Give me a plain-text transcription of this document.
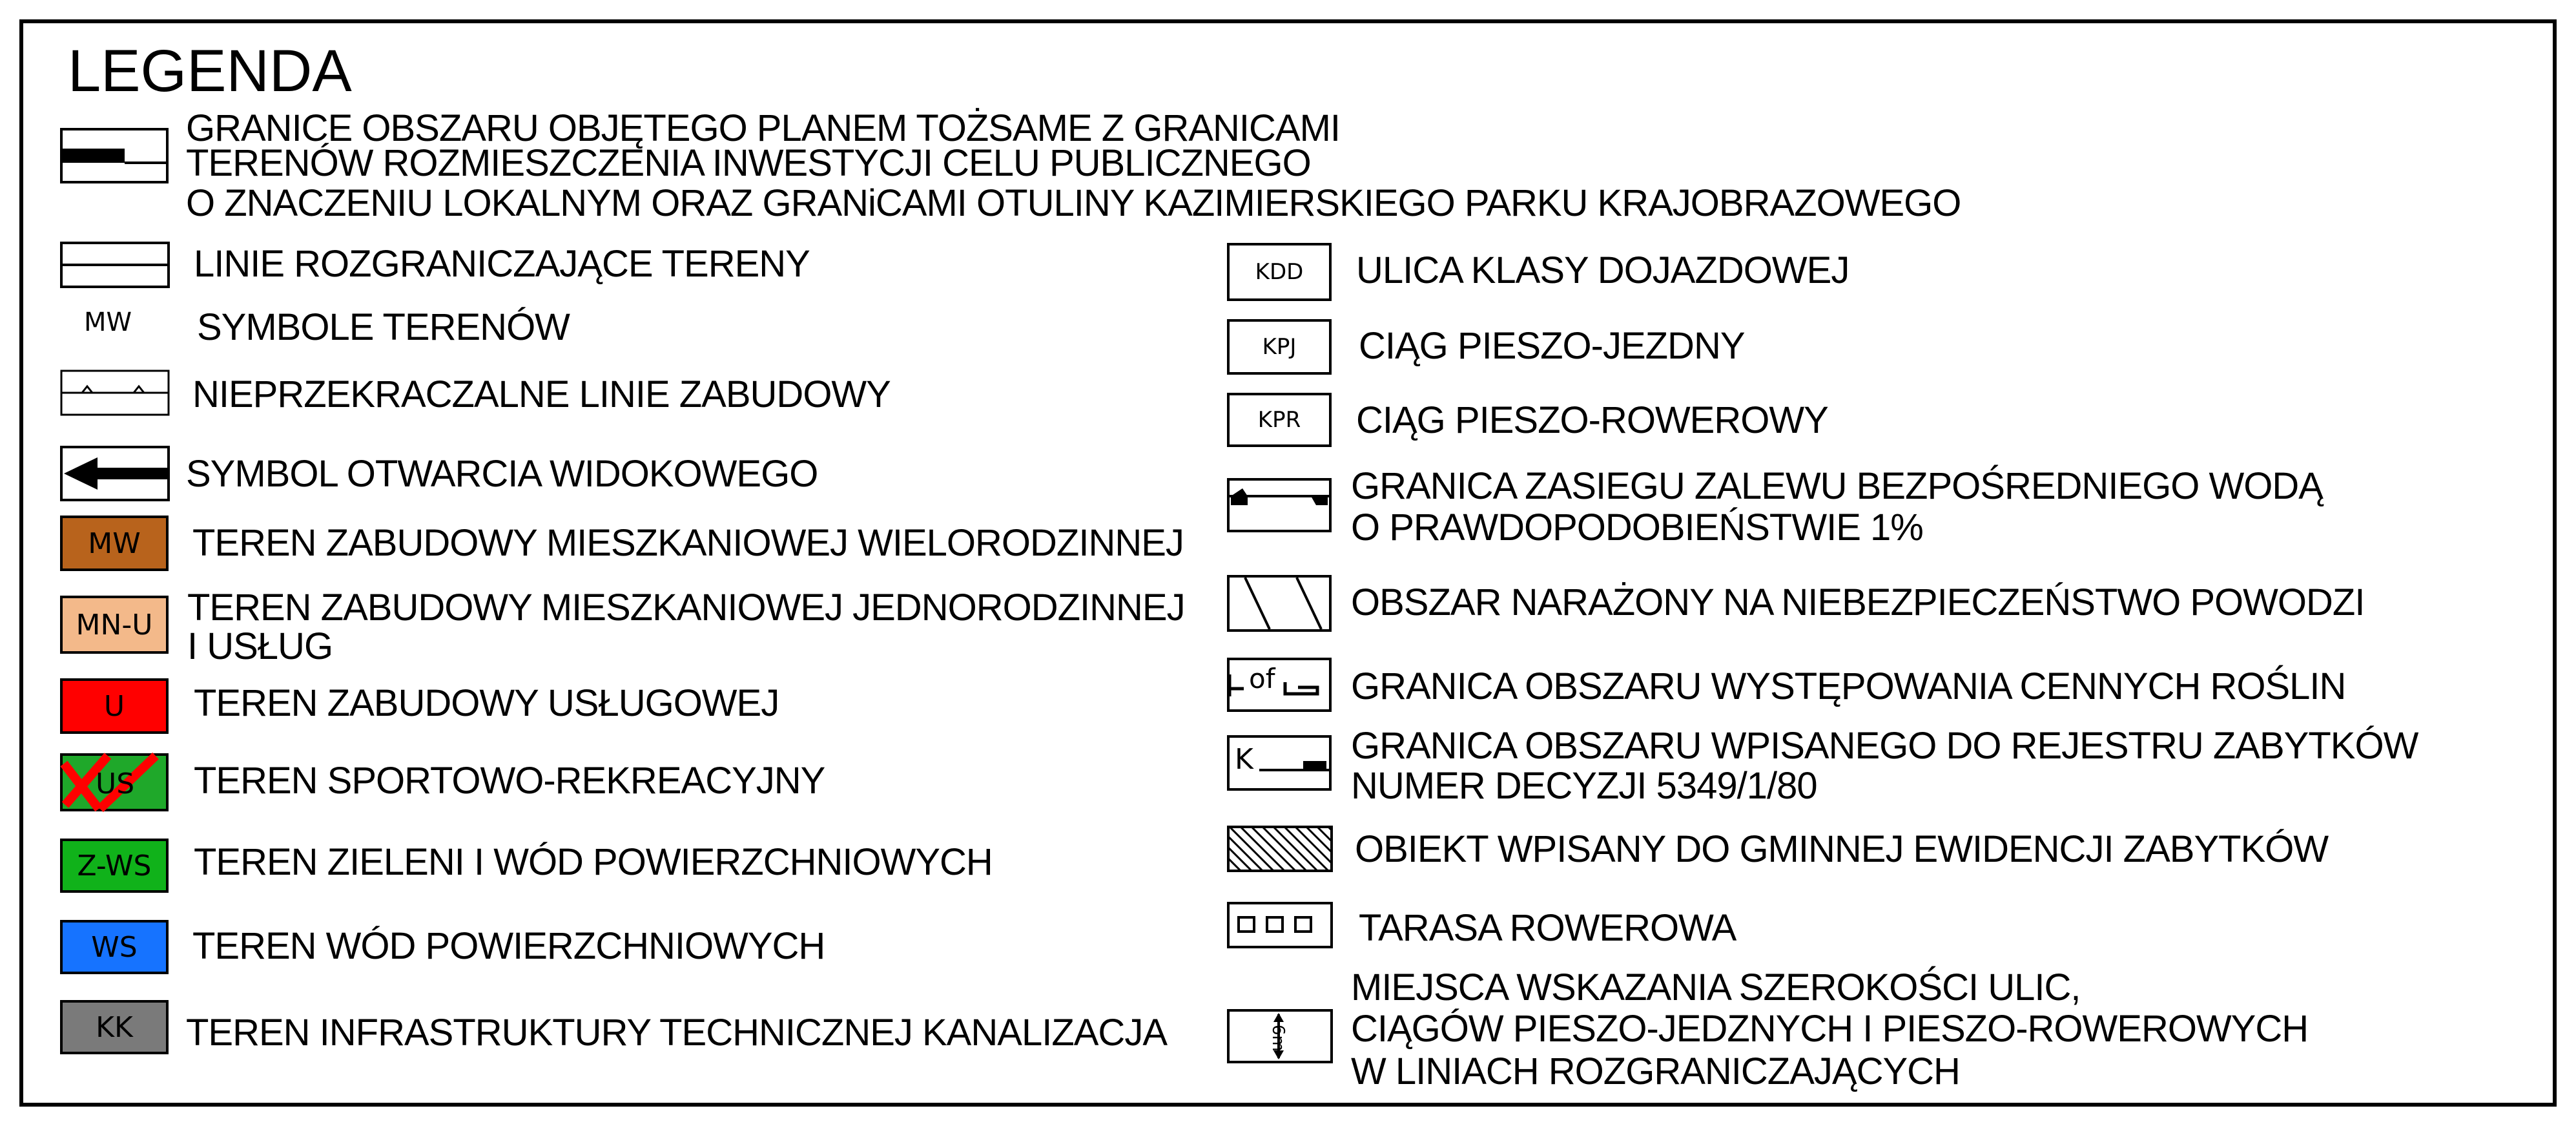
LEGENDA
GRANICE OBSZARU OBJĘTEGO PLANEM TOŻSAME Z GRANICAMI
TERENÓW ROZMIESZCZENIA INWESTYCJI CELU PUBLICZNEGO
O ZNACZENIU LOKALNYM ORAZ GRANiCAMI OTULINY KAZIMIERSKIEGO PARKU KRAJOBRAZOWEGO
LINIE ROZGRANICZAJĄCE TERENY
MW SYMBOLE TERENÓW
NIEPRZEKRACZALNE LINIE ZABUDOWY
SYMBOL OTWARCIA WIDOKOWEGO
MW	TEREN ZABUDOWY MIESZKANIOWEJ WIELORODZINNEJ
MN-U TEREN ZABUDOWY MIESZKANIOWEJ JEDNORODZINNEJ
I USŁUG
U	TEREN ZABUDOWY USŁUGOWEJ
US TEREN SPORTOWO-REKREACYJNY
Z-WS	TEREN ZIELENI I WÓD POWIERZCHNIOWYCH
WS	TEREN WÓD POWIERZCHNIOWYCH
KK	TEREN INFRASTRUKTURY TECHNICZNEJ KANALIZACJA
KDD	ULICA KLASY DOJAZDOWEJ
KPJ	CIĄG PIESZO-JEZDNY
KPR	CIĄG PIESZO-ROWEROWY
GRANICA ZASIEGU ZALEWU BEZPOŚREDNIEGO WODĄ
O PRAWDOPODOBIEŃSTWIE 1%
OBSZAR NARAŻONY NA NIEBEZPIECZEŃSTWO POWODZI
of GRANICA OBSZARU WYSTĘPOWANIA CENNYCH ROŚLIN
K	GRANICA OBSZARU WPISANEGO DO REJESTRU ZABYTKÓW
NUMER DECYZJI 5349/1/80
OBIEKT WPISANY DO GMINNEJ EWIDENCJI ZABYTKÓW
TARASA ROWEROWA
6m
MIEJSCA WSKAZANIA SZEROKOŚCI ULIC,
CIĄGÓW PIESZO-JEDZNYCH I PIESZO-ROWEROWYCH
W LINIACH ROZGRANICZAJĄCYCH
